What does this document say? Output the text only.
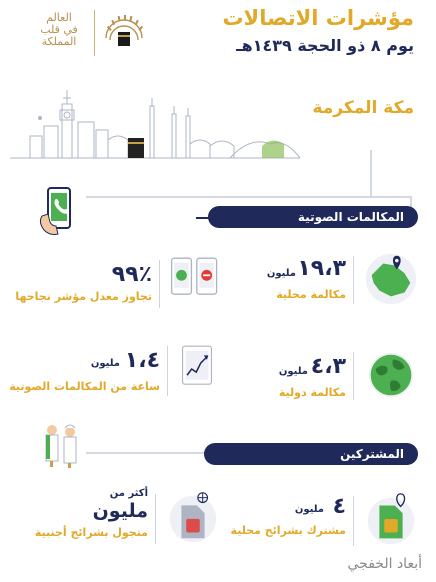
مؤشرات الاتصالات
يوم ٨ ذو الحجة ١٤٣٩هـ
العالم
في قلب
المملكة
مكة المكرمة
المكالمات الصوتية
١٩،٣
مليون
مكالمة محلية
٪٩٩
تجاوز معدل مؤشر نجاحها
٤،٣
مليون
مكالمة دولية
١،٤
مليون
ساعة من المكالمات الصوتية
المشتركين
٤
مليون
مشترك بشرائح محلية
أكثر من
مليون
متجول بشرائح أجنبية
أبعاد الخفجي
